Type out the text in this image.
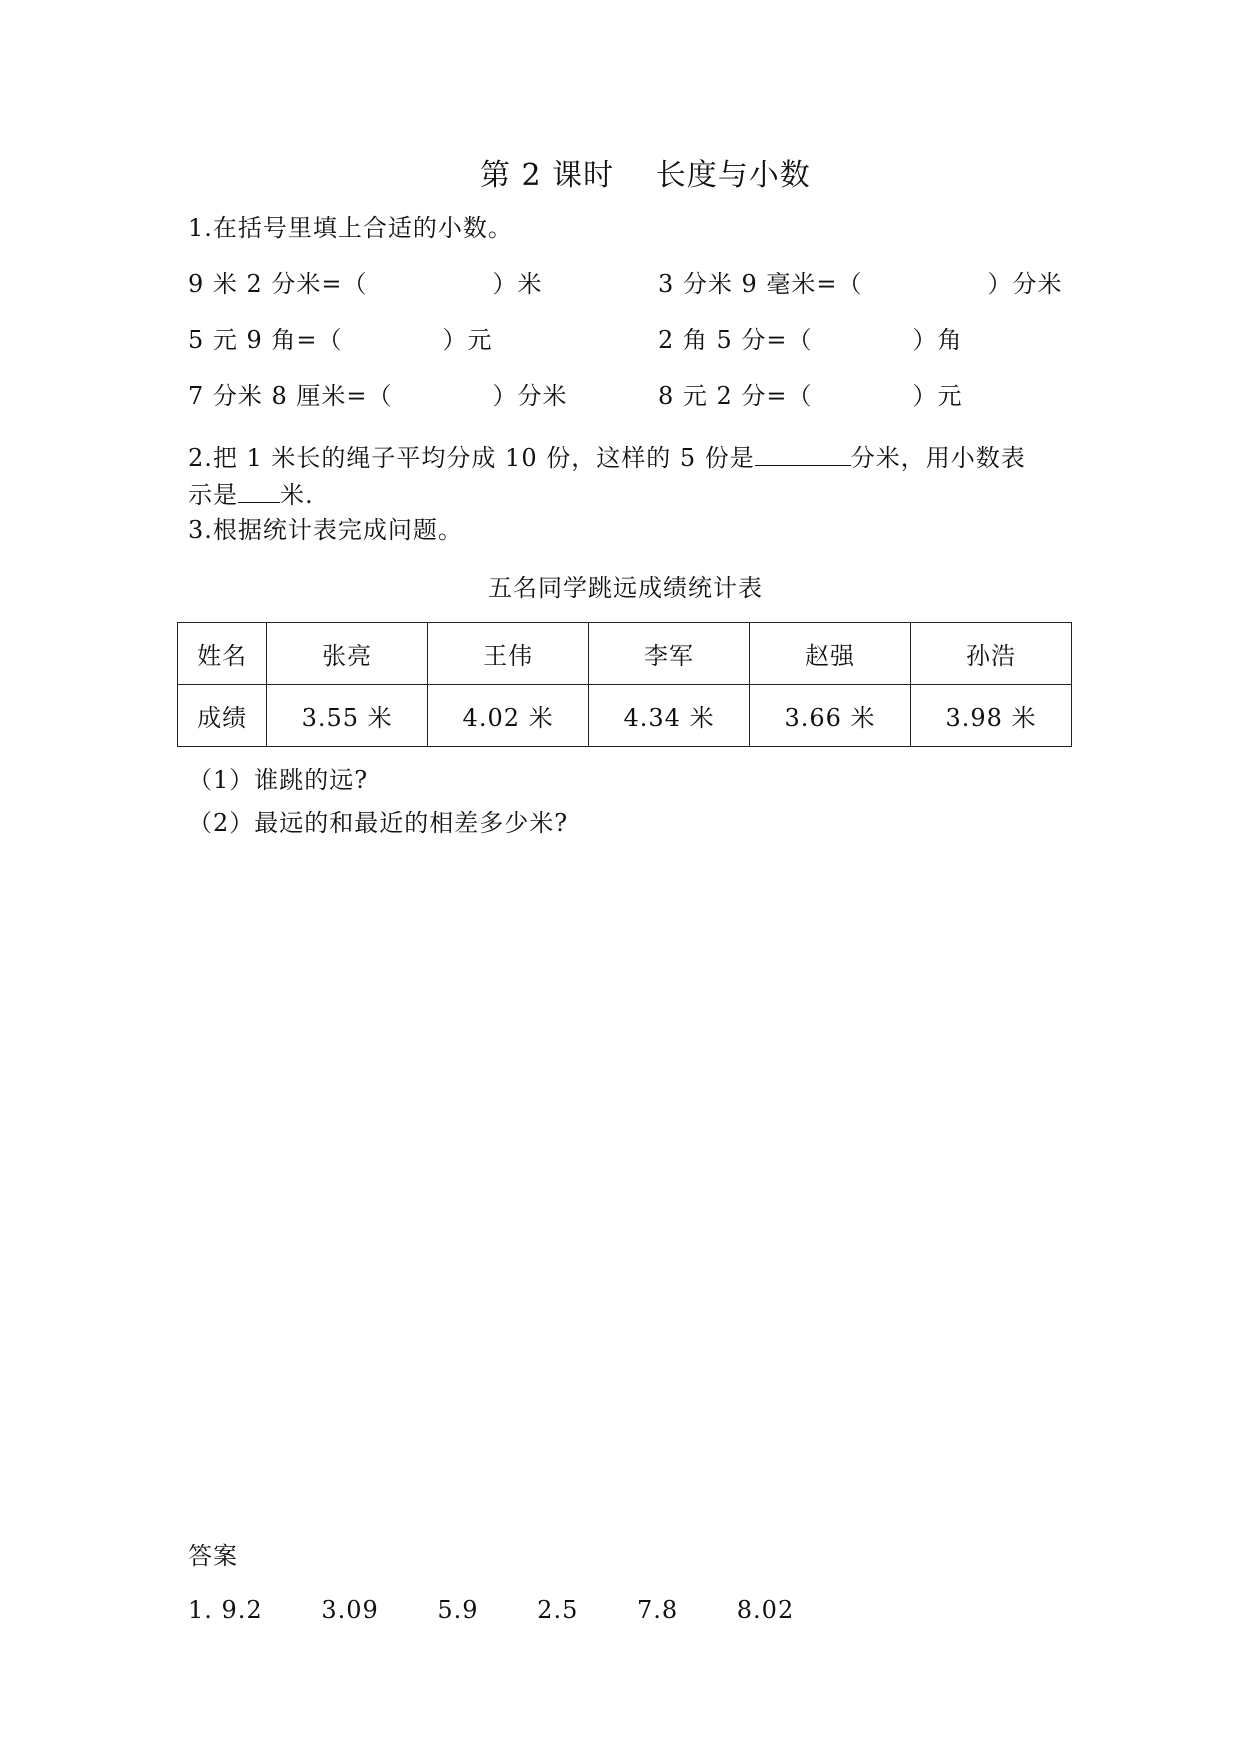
第 2 课时　 长度与小数
1.在括号里填上合适的小数。
9 米 2 分米=（　　　　　）米	3 分米 9 毫米=（　　　　　）分米
5 元 9 角=（　　　　）元	2 角 5 分=（　　　　）角
7 分米 8 厘米=（　　　　）分米	8 元 2 分=（　　　　）元
2.把 1 米长的绳子平均分成 10 份，这样的 5 份是	分米，用小数表
示是 米.
3.根据统计表完成问题。
五名同学跳远成绩统计表
姓名	张亮	王伟	李军	赵强	孙浩
成绩	3.55 米	4.02 米	4.34 米	3.66 米	3.98 米
（1）谁跳的远?
（2）最远的和最近的相差多少米?
答案
1. 9.2　　 3.09　　 5.9　　 2.5　　 7.8　　 8.02
